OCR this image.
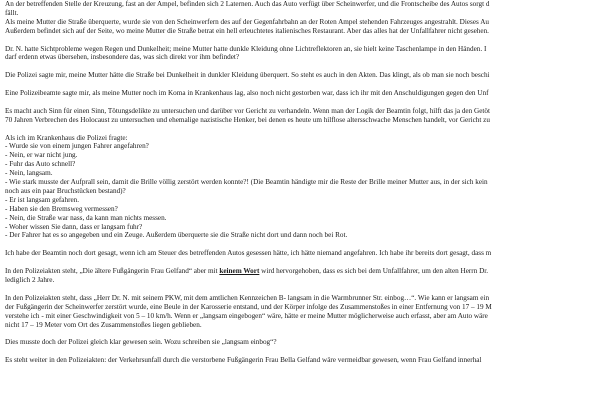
An der betreffenden Stelle der Kreuzung, fast an der Ampel, befinden sich 2 Laternen. Auch das Auto verfügt über Scheinwerfer, und die Frontscheibe des Autos sorgt d
fällt.
Als meine Mutter die Straße überquerte, wurde sie von den Scheinwerfern des auf der Gegenfahrbahn an der Roten Ampel stehenden Fahrzeuges angestrahlt. Dieses Au
Außerdem befindet sich auf der Seite, wo meine Mutter die Straße betrat ein hell erleuchtetes italienisches Restaurant. Aber das alles hat der Unfallfahrer nicht gesehen.

Dr. N. hatte Sichtprobleme wegen Regen und Dunkelheit; meine Mutter hatte dunkle Kleidung ohne Lichtreflektoren an, sie hielt keine Taschenlampe in den Händen. I
darf erdenn etwas übersehen, insbesondere das, was sich direkt vor ihm befindet?

Die Polizei sagte mir, meine Mutter hätte die Straße bei Dunkelheit in dunkler Kleidung überquert. So steht es auch in den Akten. Das klingt, als ob man sie noch beschi

Eine Polizeibeamte sagte mir, als meine Mutter noch im Koma in Krankenhaus lag, also noch nicht gestorben war, dass ich ihr mit den Anschuldigungen gegen den Unf

Es macht auch Sinn für einen Sinn, Tötungsdelikte zu untersuchen und darüber vor Gericht zu verhandeln. Wenn man der Logik der Beamtin folgt, hilft das ja den Getöt
70 Jahren Verbrechen des Holocaust zu untersuchen und ehemalige nazistische Henker, bei denen es heute um hilflose altersschwache Menschen handelt, vor Gericht zu

Als ich im Krankenhaus die Polizei fragte:
- Wurde sie von einem jungen Fahrer angefahren?
- Nein, er war nicht jung.
- Fuhr das Auto schnell?
- Nein, langsam.
- Wie stark musste der Aufprall sein, damit die Brille völlig zerstört werden konnte?! (Die Beamtin händigte mir die Reste der Brille meiner Mutter aus, in der sich kein
noch aus ein paar Bruchstücken bestand)?
- Er ist langsam gefahren.
- Haben sie den Bremsweg vermessen?
- Nein, die Straße war nass, da kann man nichts messen.
- Woher wissen Sie dann, dass er langsam fuhr?
- Der Fahrer hat es so angegeben und ein Zeuge. Außerdem überquerte sie die Straße nicht dort und dann noch bei Rot.

Ich habe der Beamtin noch dort gesagt, wenn ich am Steuer des betreffenden Autos gesessen hätte, ich hätte niemand angefahren. Ich habe ihr bereits dort gesagt, dass m

In den Polizeiakten steht, „Die ältere Fußgängerin Frau Gelfand“ aber mit keinem Wort wird hervorgehoben, dass es sich bei dem Unfallfahrer, um den alten Herrn Dr.
lediglich 2 Jahre.

In den Polizeiakten steht, dass „Herr Dr. N. mit seinem PKW, mit dem amtlichen Kennzeichen B- langsam in die Warmbrunner Str. einbog…“. Wie kann er langsam ein
der Fußgängerin der Scheinwerfer zerstört wurde, eine Beule in der Karosserie entstand, und der Körper infolge des Zusammenstoßes in einer Entfernung von 17 – 19 M
verstehe ich - mit einer Geschwindigkeit von 5 – 10 km/h. Wenn er „langsam eingebogen“ wäre, hätte er meine Mutter möglicherweise auch erfasst, aber am Auto wäre
nicht 17 – 19 Meter vom Ort des Zusammenstoßes liegen geblieben.

Dies musste doch der Polizei gleich klar gewesen sein. Wozu schreiben sie „langsam einbog“?

Es steht weiter in den Polizeiakten: der Verkehrsunfall durch die verstorbene Fußgängerin Frau Bella Gelfand wäre vermeidbar gewesen, wenn Frau Gelfand innerhal
